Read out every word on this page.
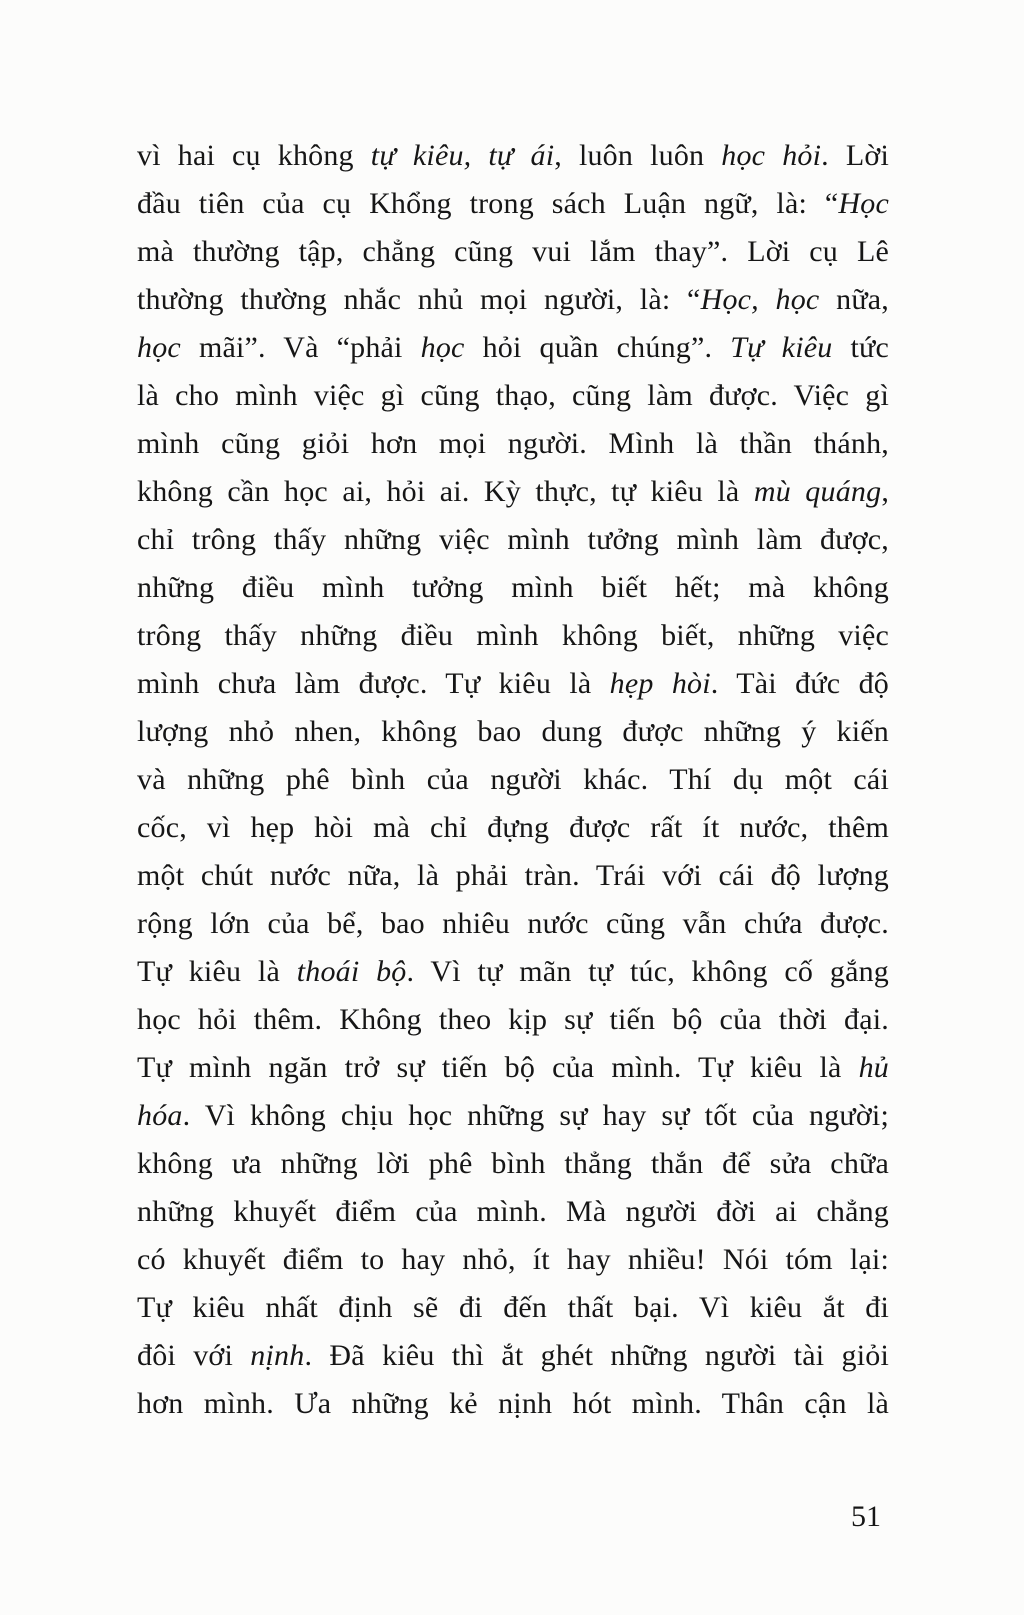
vì hai cụ không tự kiêu, tự ái, luôn luôn học hỏi. Lời
đầu tiên của cụ Khổng trong sách Luận ngữ, là: “Học
mà thường tập, chẳng cũng vui lắm thay”. Lời cụ Lê
thường thường nhắc nhủ mọi người, là: “Học, học nữa,
học mãi”. Và “phải học hỏi quần chúng”. Tự kiêu tức
là cho mình việc gì cũng thạo, cũng làm được. Việc gì
mình cũng giỏi hơn mọi người. Mình là thần thánh,
không cần học ai, hỏi ai. Kỳ thực, tự kiêu là mù quáng,
chỉ trông thấy những việc mình tưởng mình làm được,
những điều mình tưởng mình biết hết; mà không
trông thấy những điều mình không biết, những việc
mình chưa làm được. Tự kiêu là hẹp hòi. Tài đức độ
lượng nhỏ nhen, không bao dung được những ý kiến
và những phê bình của người khác. Thí dụ một cái
cốc, vì hẹp hòi mà chỉ đựng được rất ít nước, thêm
một chút nước nữa, là phải tràn. Trái với cái độ lượng
rộng lớn của bể, bao nhiêu nước cũng vẫn chứa được.
Tự kiêu là thoái bộ. Vì tự mãn tự túc, không cố gắng
học hỏi thêm. Không theo kịp sự tiến bộ của thời đại.
Tự mình ngăn trở sự tiến bộ của mình. Tự kiêu là hủ
hóa. Vì không chịu học những sự hay sự tốt của người;
không ưa những lời phê bình thẳng thắn để sửa chữa
những khuyết điểm của mình. Mà người đời ai chẳng
có khuyết điểm to hay nhỏ, ít hay nhiều! Nói tóm lại:
Tự kiêu nhất định sẽ đi đến thất bại. Vì kiêu ắt đi
đôi với nịnh. Đã kiêu thì ắt ghét những người tài giỏi
hơn mình. Ưa những kẻ nịnh hót mình. Thân cận là
51
